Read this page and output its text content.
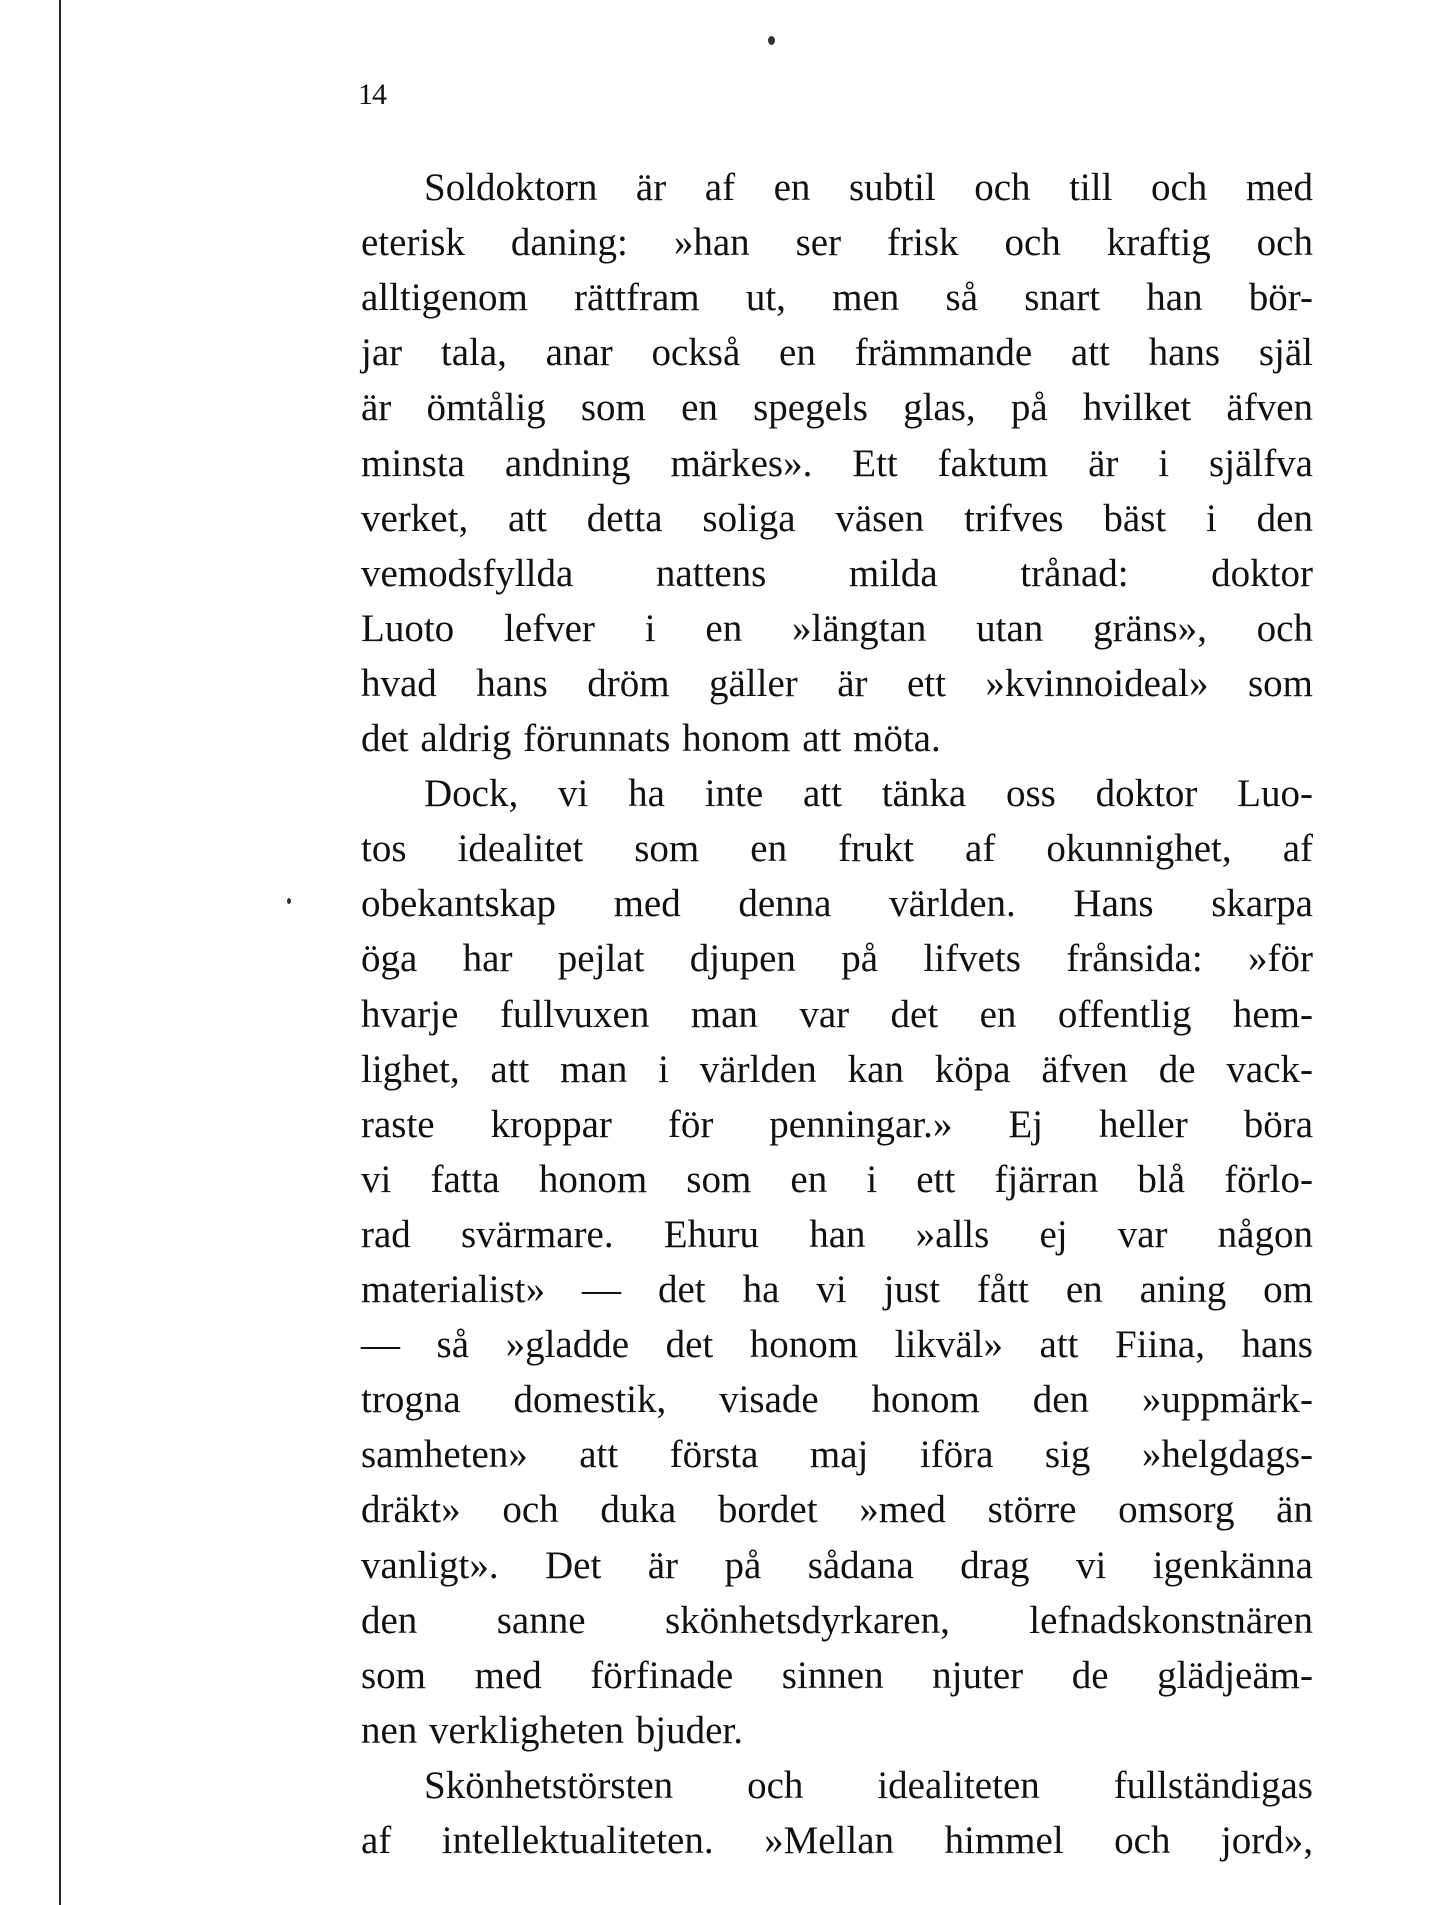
14
Soldoktorn är af en subtil och till och med
eterisk daning: »han ser frisk och kraftig och
alltigenom rättfram ut, men så snart han bör-
jar tala, anar också en främmande att hans själ
är ömtålig som en spegels glas, på hvilket äfven
minsta andning märkes». Ett faktum är i själfva
verket, att detta soliga väsen trifves bäst i den
vemodsfyllda nattens milda trånad: doktor
Luoto lefver i en »längtan utan gräns», och
hvad hans dröm gäller är ett »kvinnoideal» som
det aldrig förunnats honom att möta.
Dock, vi ha inte att tänka oss doktor Luo-
tos idealitet som en frukt af okunnighet, af
obekantskap med denna världen. Hans skarpa
öga har pejlat djupen på lifvets frånsida: »för
hvarje fullvuxen man var det en offentlig hem-
lighet, att man i världen kan köpa äfven de vack-
raste kroppar för penningar.» Ej heller böra
vi fatta honom som en i ett fjärran blå förlo-
rad svärmare. Ehuru han »alls ej var någon
materialist» — det ha vi just fått en aning om
— så »gladde det honom likväl» att Fiina, hans
trogna domestik, visade honom den »uppmärk-
samheten» att första maj iföra sig »helgdags-
dräkt» och duka bordet »med större omsorg än
vanligt». Det är på sådana drag vi igenkänna
den sanne skönhetsdyrkaren, lefnadskonstnären
som med förfinade sinnen njuter de glädjeäm-
nen verkligheten bjuder.
Skönhetstörsten och idealiteten fullständigas
af intellektualiteten. »Mellan himmel och jord»,
